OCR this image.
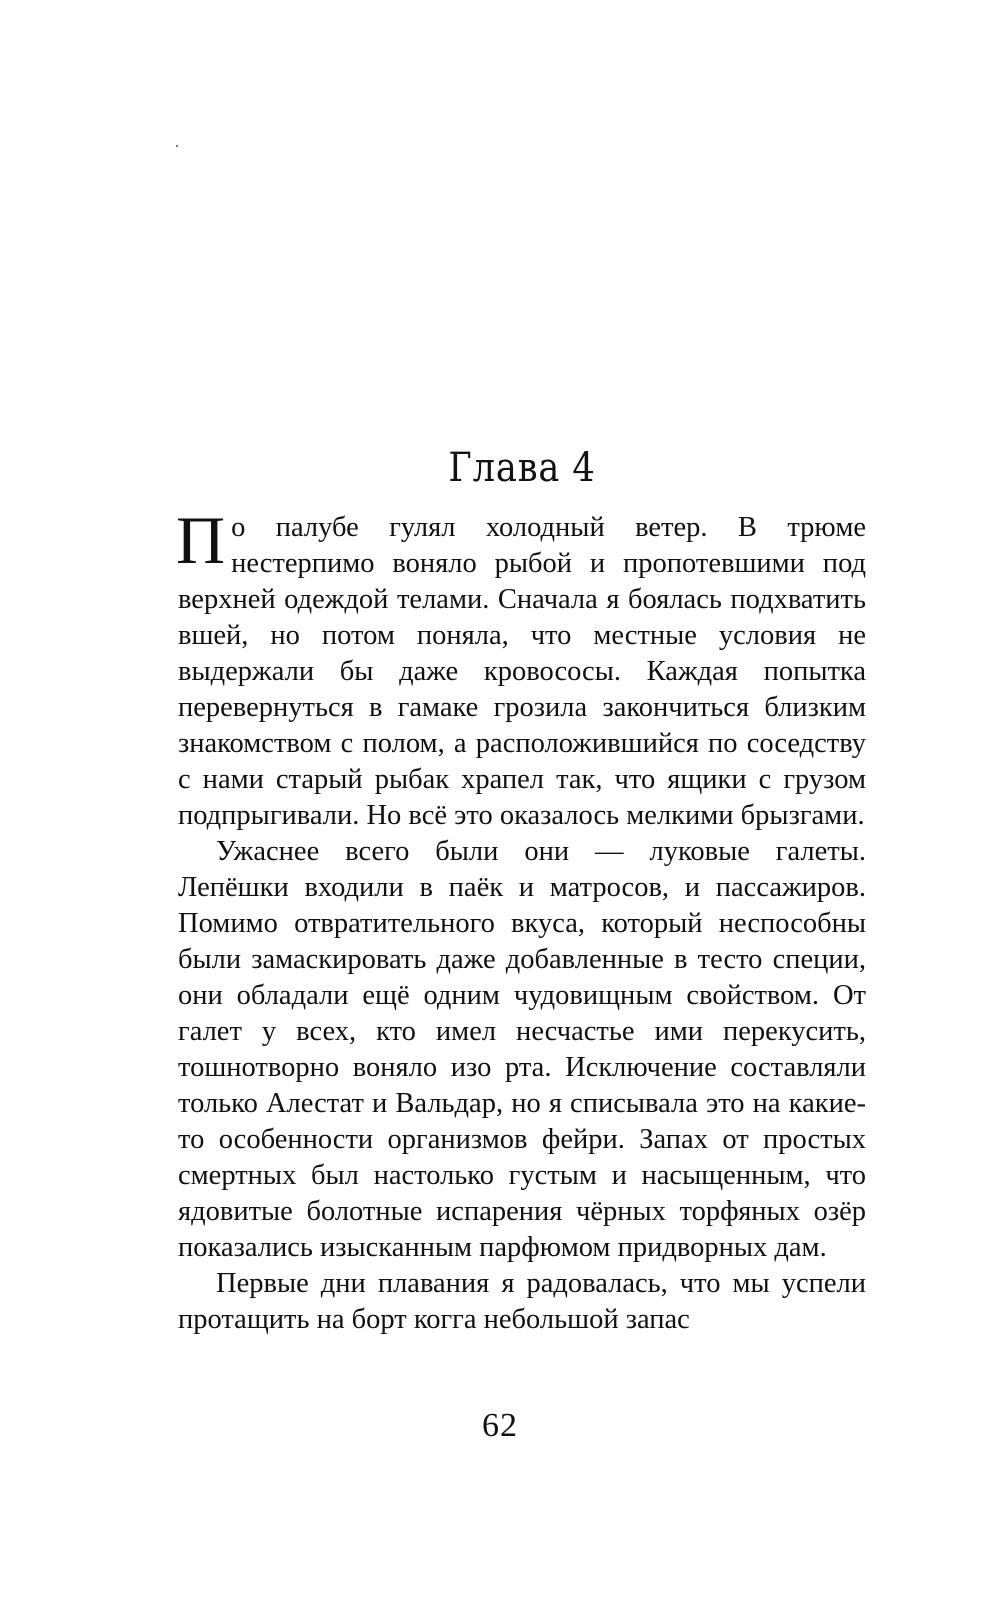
Глава 4

По палубе гулял холодный ветер. В трюме нестерпимо воняло рыбой и пропотевшими под верхней одеждой телами. Сначала я боялась подхватить вшей, но потом поняла, что местные условия не выдержали бы даже кровососы. Каждая попытка перевернуться в гамаке грозила закончиться близким знакомством с полом, а расположившийся по соседству с нами старый рыбак храпел так, что ящики с грузом подпрыгивали. Но всё это оказалось мелкими брызгами.

Ужаснее всего были они — луковые галеты. Лепёшки входили в паёк и матросов, и пассажиров. Помимо отвратительного вкуса, который неспособны были замаскировать даже добавленные в тесто специи, они обладали ещё одним чудовищным свойством. От галет у всех, кто имел несчастье ими перекусить, тошнотворно воняло изо рта. Исключение составляли только Алестат и Вальдар, но я списывала это на какие-то особенности организмов фейри. Запах от простых смертных был настолько густым и насыщенным, что ядовитые болотные испарения чёрных торфяных озёр показались изысканным парфюмом придворных дам.

Первые дни плавания я радовалась, что мы успели протащить на борт когга небольшой запас

62
